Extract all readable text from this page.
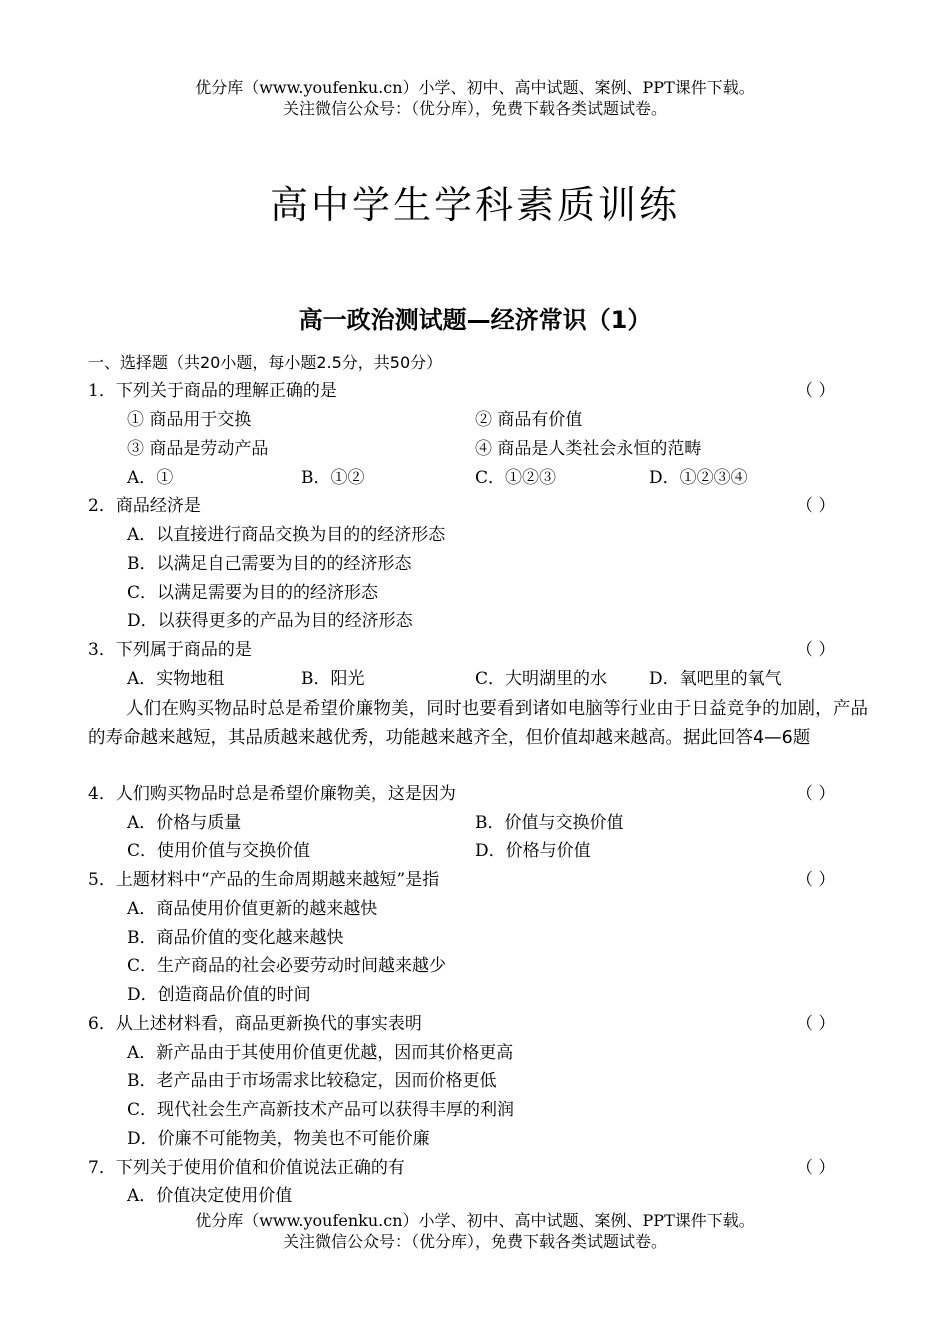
优分库（www.youfenku.cn）小学、初中、高中试题、案例、PPT课件下载。
关注微信公众号：（优分库），免费下载各类试题试卷。
高中学生学科素质训练
高一政治测试题—经济常识（1）
一、选择题（共20小题，每小题2.5分，共50分）
1．下列关于商品的理解正确的是	（ ）
① 商品用于交换	② 商品有价值
③ 商品是劳动产品	④ 商品是人类社会永恒的范畴
A．①	B．①②	C．①②③	D．①②③④
2．商品经济是	（ ）
A．以直接进行商品交换为目的的经济形态
B．以满足自己需要为目的的经济形态
C．以满足需要为目的的经济形态
D．以获得更多的产品为目的经济形态
3．下列属于商品的是	（ ）
A．实物地租	B．阳光	C．大明湖里的水 D．氧吧里的氧气
人们在购买物品时总是希望价廉物美，同时也要看到诸如电脑等行业由于日益竞争的加剧，产品的寿命越来越短，其品质越来越优秀，功能越来越齐全，但价值却越来越高。据此回答4—6题
4．人们购买物品时总是希望价廉物美，这是因为	（ ）
A．价格与质量	B．价值与交换价值
C．使用价值与交换价值	D．价格与价值
5．上题材料中“产品的生命周期越来越短”是指	（ ）
A．商品使用价值更新的越来越快
B．商品价值的变化越来越快
C．生产商品的社会必要劳动时间越来越少
D．创造商品价值的时间
6．从上述材料看，商品更新换代的事实表明	（ ）
A．新产品由于其使用价值更优越，因而其价格更高
B．老产品由于市场需求比较稳定，因而价格更低
C．现代社会生产高新技术产品可以获得丰厚的利润
D．价廉不可能物美，物美也不可能价廉
7．下列关于使用价值和价值说法正确的有	（ ）
A．价值决定使用价值
优分库（www.youfenku.cn）小学、初中、高中试题、案例、PPT课件下载。
关注微信公众号：（优分库），免费下载各类试题试卷。
